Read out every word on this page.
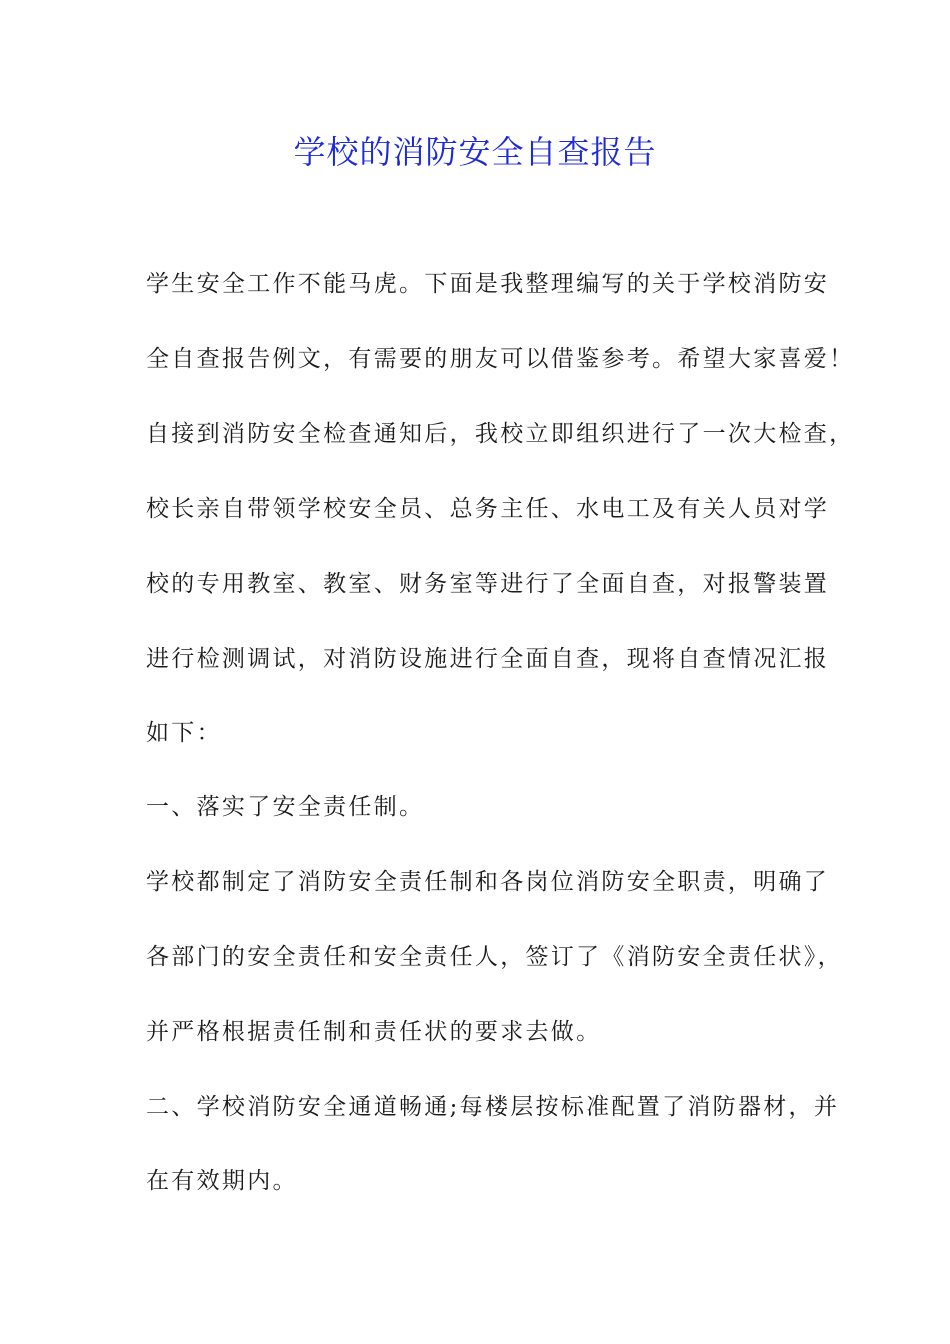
学校的消防安全自查报告
学生安全工作不能马虎。下面是我整理编写的关于学校消防安
全自查报告例文，有需要的朋友可以借鉴参考。希望大家喜爱！
自接到消防安全检查通知后，我校立即组织进行了一次大检查，
校长亲自带领学校安全员、总务主任、水电工及有关人员对学
校的专用教室、教室、财务室等进行了全面自查，对报警装置
进行检测调试，对消防设施进行全面自查，现将自查情况汇报
如下：
一、落实了安全责任制。
学校都制定了消防安全责任制和各岗位消防安全职责，明确了
各部门的安全责任和安全责任人，签订了《消防安全责任状》，
并严格根据责任制和责任状的要求去做。
二、学校消防安全通道畅通;每楼层按标准配置了消防器材，并
在有效期内。
